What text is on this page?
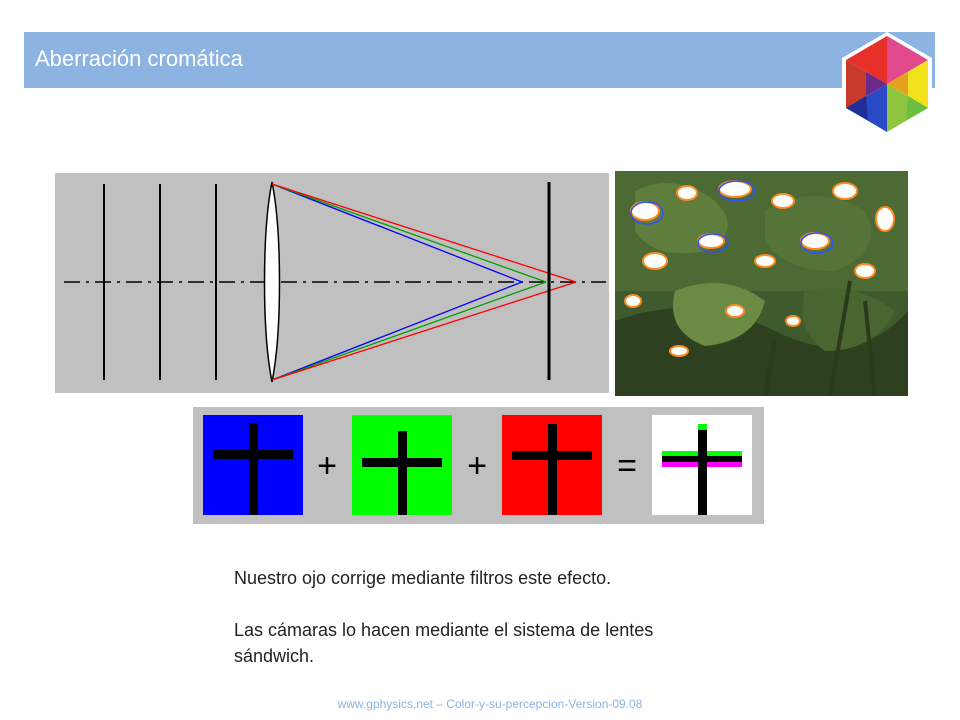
Aberración cromática
+	+	=

Nuestro ojo corrige mediante filtros este efecto.

Las cámaras lo hacen mediante el sistema de lentes sándwich.

www.gphysics.net – Color-y-su-percepcion-Version-09.08
